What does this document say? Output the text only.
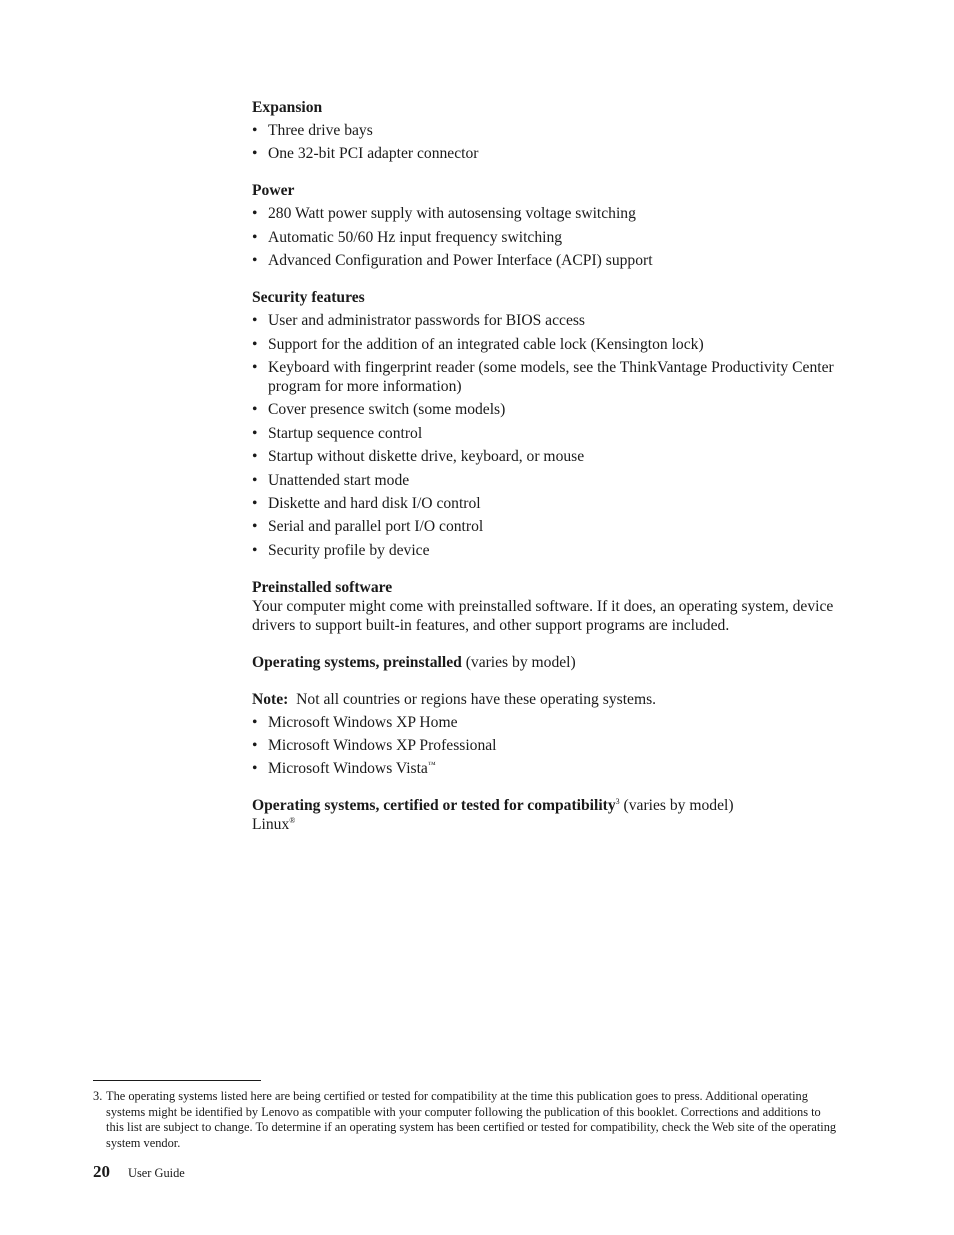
Expansion
• Three drive bays
• One 32-bit PCI adapter connector
Power
• 280 Watt power supply with autosensing voltage switching
• Automatic 50/60 Hz input frequency switching
• Advanced Configuration and Power Interface (ACPI) support
Security features
• User and administrator passwords for BIOS access
• Support for the addition of an integrated cable lock (Kensington lock)
• Keyboard with fingerprint reader (some models, see the ThinkVantage Productivity Center program for more information)
• Cover presence switch (some models)
• Startup sequence control
• Startup without diskette drive, keyboard, or mouse
• Unattended start mode
• Diskette and hard disk I/O control
• Serial and parallel port I/O control
• Security profile by device
Preinstalled software

Your computer might come with preinstalled software. If it does, an operating system, device drivers to support built-in features, and other support programs are included.

Operating systems, preinstalled (varies by model)

Note: Not all countries or regions have these operating systems.

• Microsoft Windows XP Home
• Microsoft Windows XP Professional
• Microsoft Windows Vista™

Operating systems, certified or tested for compatibility$^3$ (varies by model)

Linux®

3. The operating systems listed here are being certified or tested for compatibility at the time this publication goes to press. Additional operating systems might be identified by Lenovo as compatible with your computer following the publication of this booklet. Corrections and additions to this list are subject to change. To determine if an operating system has been certified or tested for compatibility, check the Web site of the operating system vendor.
20 User Guide
